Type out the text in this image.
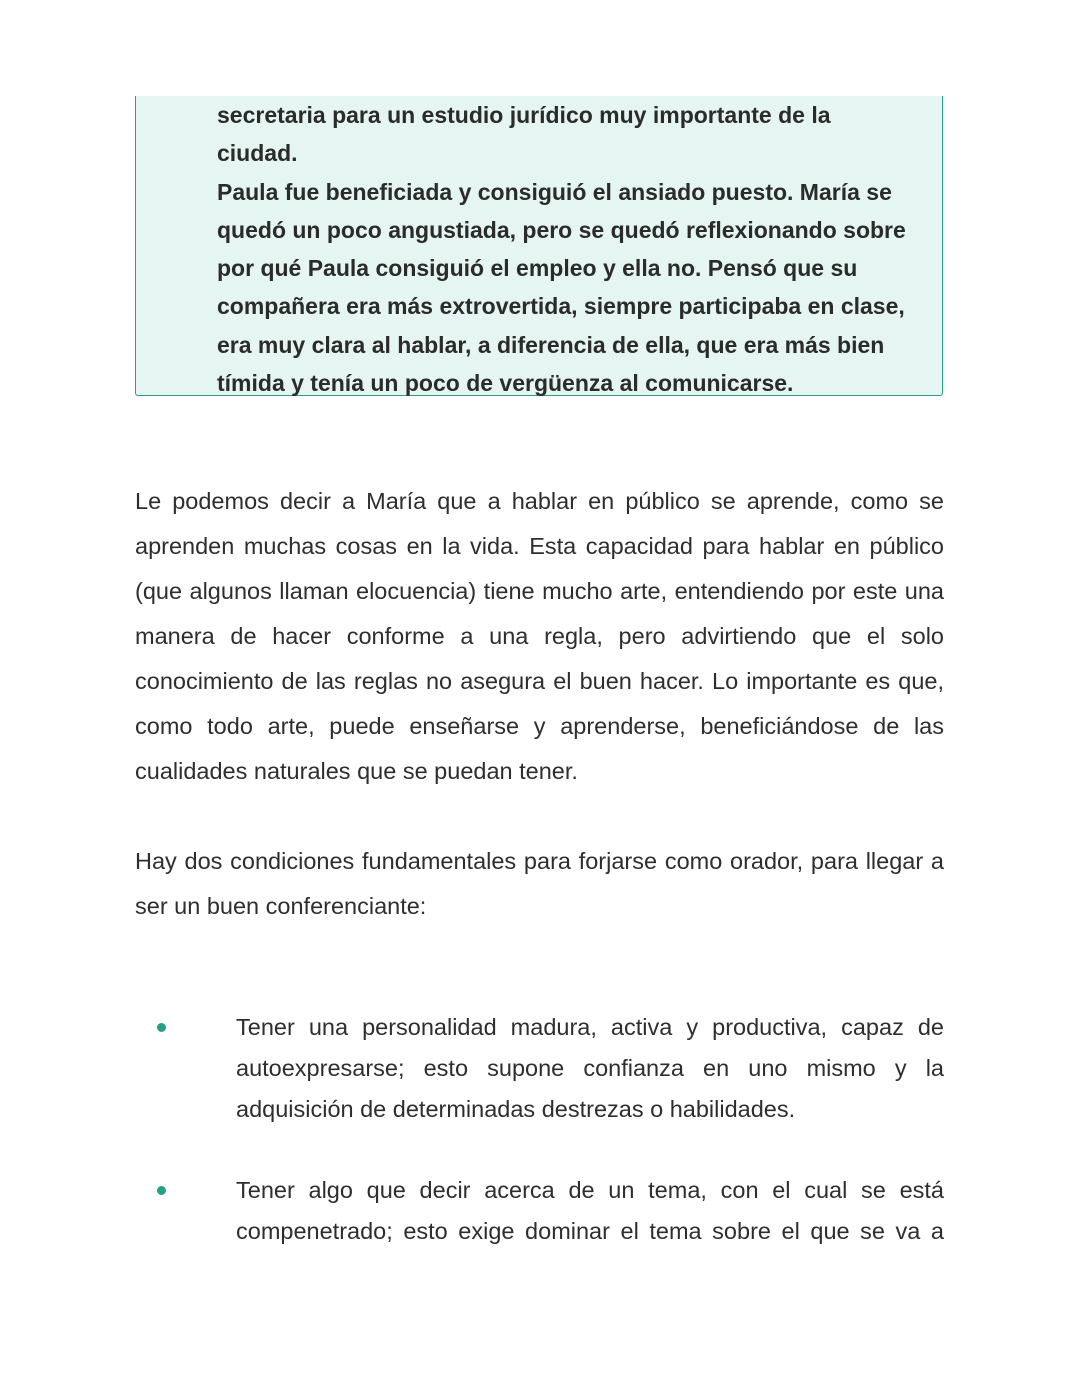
secretaria para un estudio jurídico muy importante de la ciudad.
Paula fue beneficiada y consiguió el ansiado puesto. María se
quedó un poco angustiada, pero se quedó reflexionando sobre
por qué Paula consiguió el empleo y ella no. Pensó que su
compañera era más extrovertida, siempre participaba en clase,
era muy clara al hablar, a diferencia de ella, que era más bien
tímida y tenía un poco de vergüenza al comunicarse.

Le podemos decir a María que a hablar en público se aprende, como se aprenden muchas cosas en la vida. Esta capacidad para hablar en público (que algunos llaman elocuencia) tiene mucho arte, entendiendo por este una manera de hacer conforme a una regla, pero advirtiendo que el solo conocimiento de las reglas no asegura el buen hacer. Lo importante es que, como todo arte, puede enseñarse y aprenderse, beneficiándose de las cualidades naturales que se puedan tener.

Hay dos condiciones fundamentales para forjarse como orador, para llegar a ser un buen conferenciante:

Tener una personalidad madura, activa y productiva, capaz de autoexpresarse; esto supone confianza en uno mismo y la adquisición de determinadas destrezas o habilidades.

Tener algo que decir acerca de un tema, con el cual se está compenetrado; esto exige dominar el tema sobre el que se va a
